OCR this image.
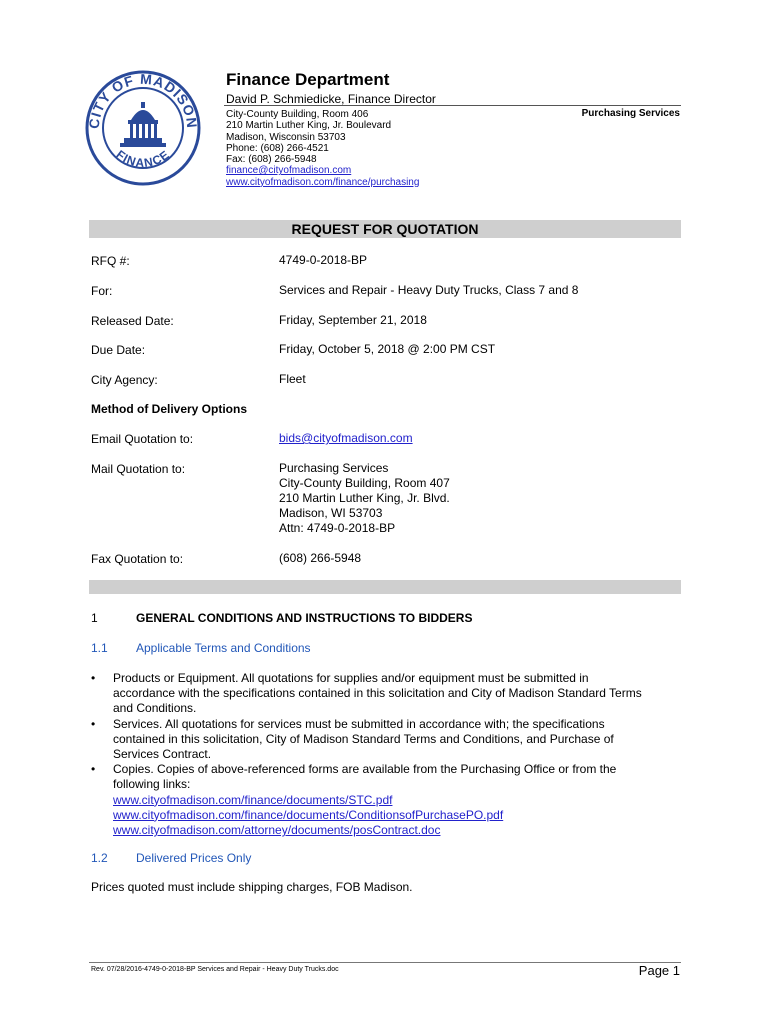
CITY OF MADISON
FINANCE
Finance Department
David P. Schmiedicke, Finance Director
Purchasing Services
City-County Building, Room 406
210 Martin Luther King, Jr. Boulevard
Madison, Wisconsin 53703
Phone: (608) 266-4521
Fax: (608) 266-5948
finance@cityofmadison.com
www.cityofmadison.com/finance/purchasing
REQUEST FOR QUOTATION
RFQ #:	4749-0-2018-BP
For:	Services and Repair - Heavy Duty Trucks, Class 7 and 8
Released Date:	Friday, September 21, 2018
Due Date:	Friday, October 5, 2018 @ 2:00 PM CST
City Agency:	Fleet
Method of Delivery Options
Email Quotation to:	bids@cityofmadison.com
Mail Quotation to:	Purchasing Services
City-County Building, Room 407
210 Martin Luther King, Jr. Blvd.
Madison, WI 53703
Attn: 4749-0-2018-BP
Fax Quotation to:	(608) 266-5948
1	GENERAL CONDITIONS AND INSTRUCTIONS TO BIDDERS
1.1 Applicable Terms and Conditions
•	Products or Equipment. All quotations for supplies and/or equipment must be submitted in accordance with the specifications contained in this solicitation and City of Madison Standard Terms and Conditions.
•	Services. All quotations for services must be submitted in accordance with; the specifications contained in this solicitation, City of Madison Standard Terms and Conditions, and Purchase of Services Contract.
•	Copies. Copies of above-referenced forms are available from the Purchasing Office or from the following links:
www.cityofmadison.com/finance/documents/STC.pdf
www.cityofmadison.com/finance/documents/ConditionsofPurchasePO.pdf
www.cityofmadison.com/attorney/documents/posContract.doc
1.2 Delivered Prices Only
Prices quoted must include shipping charges, FOB Madison.
Rev. 07/28/2016-4749-0-2018-BP Services and Repair - Heavy Duty Trucks.doc	Page 1
